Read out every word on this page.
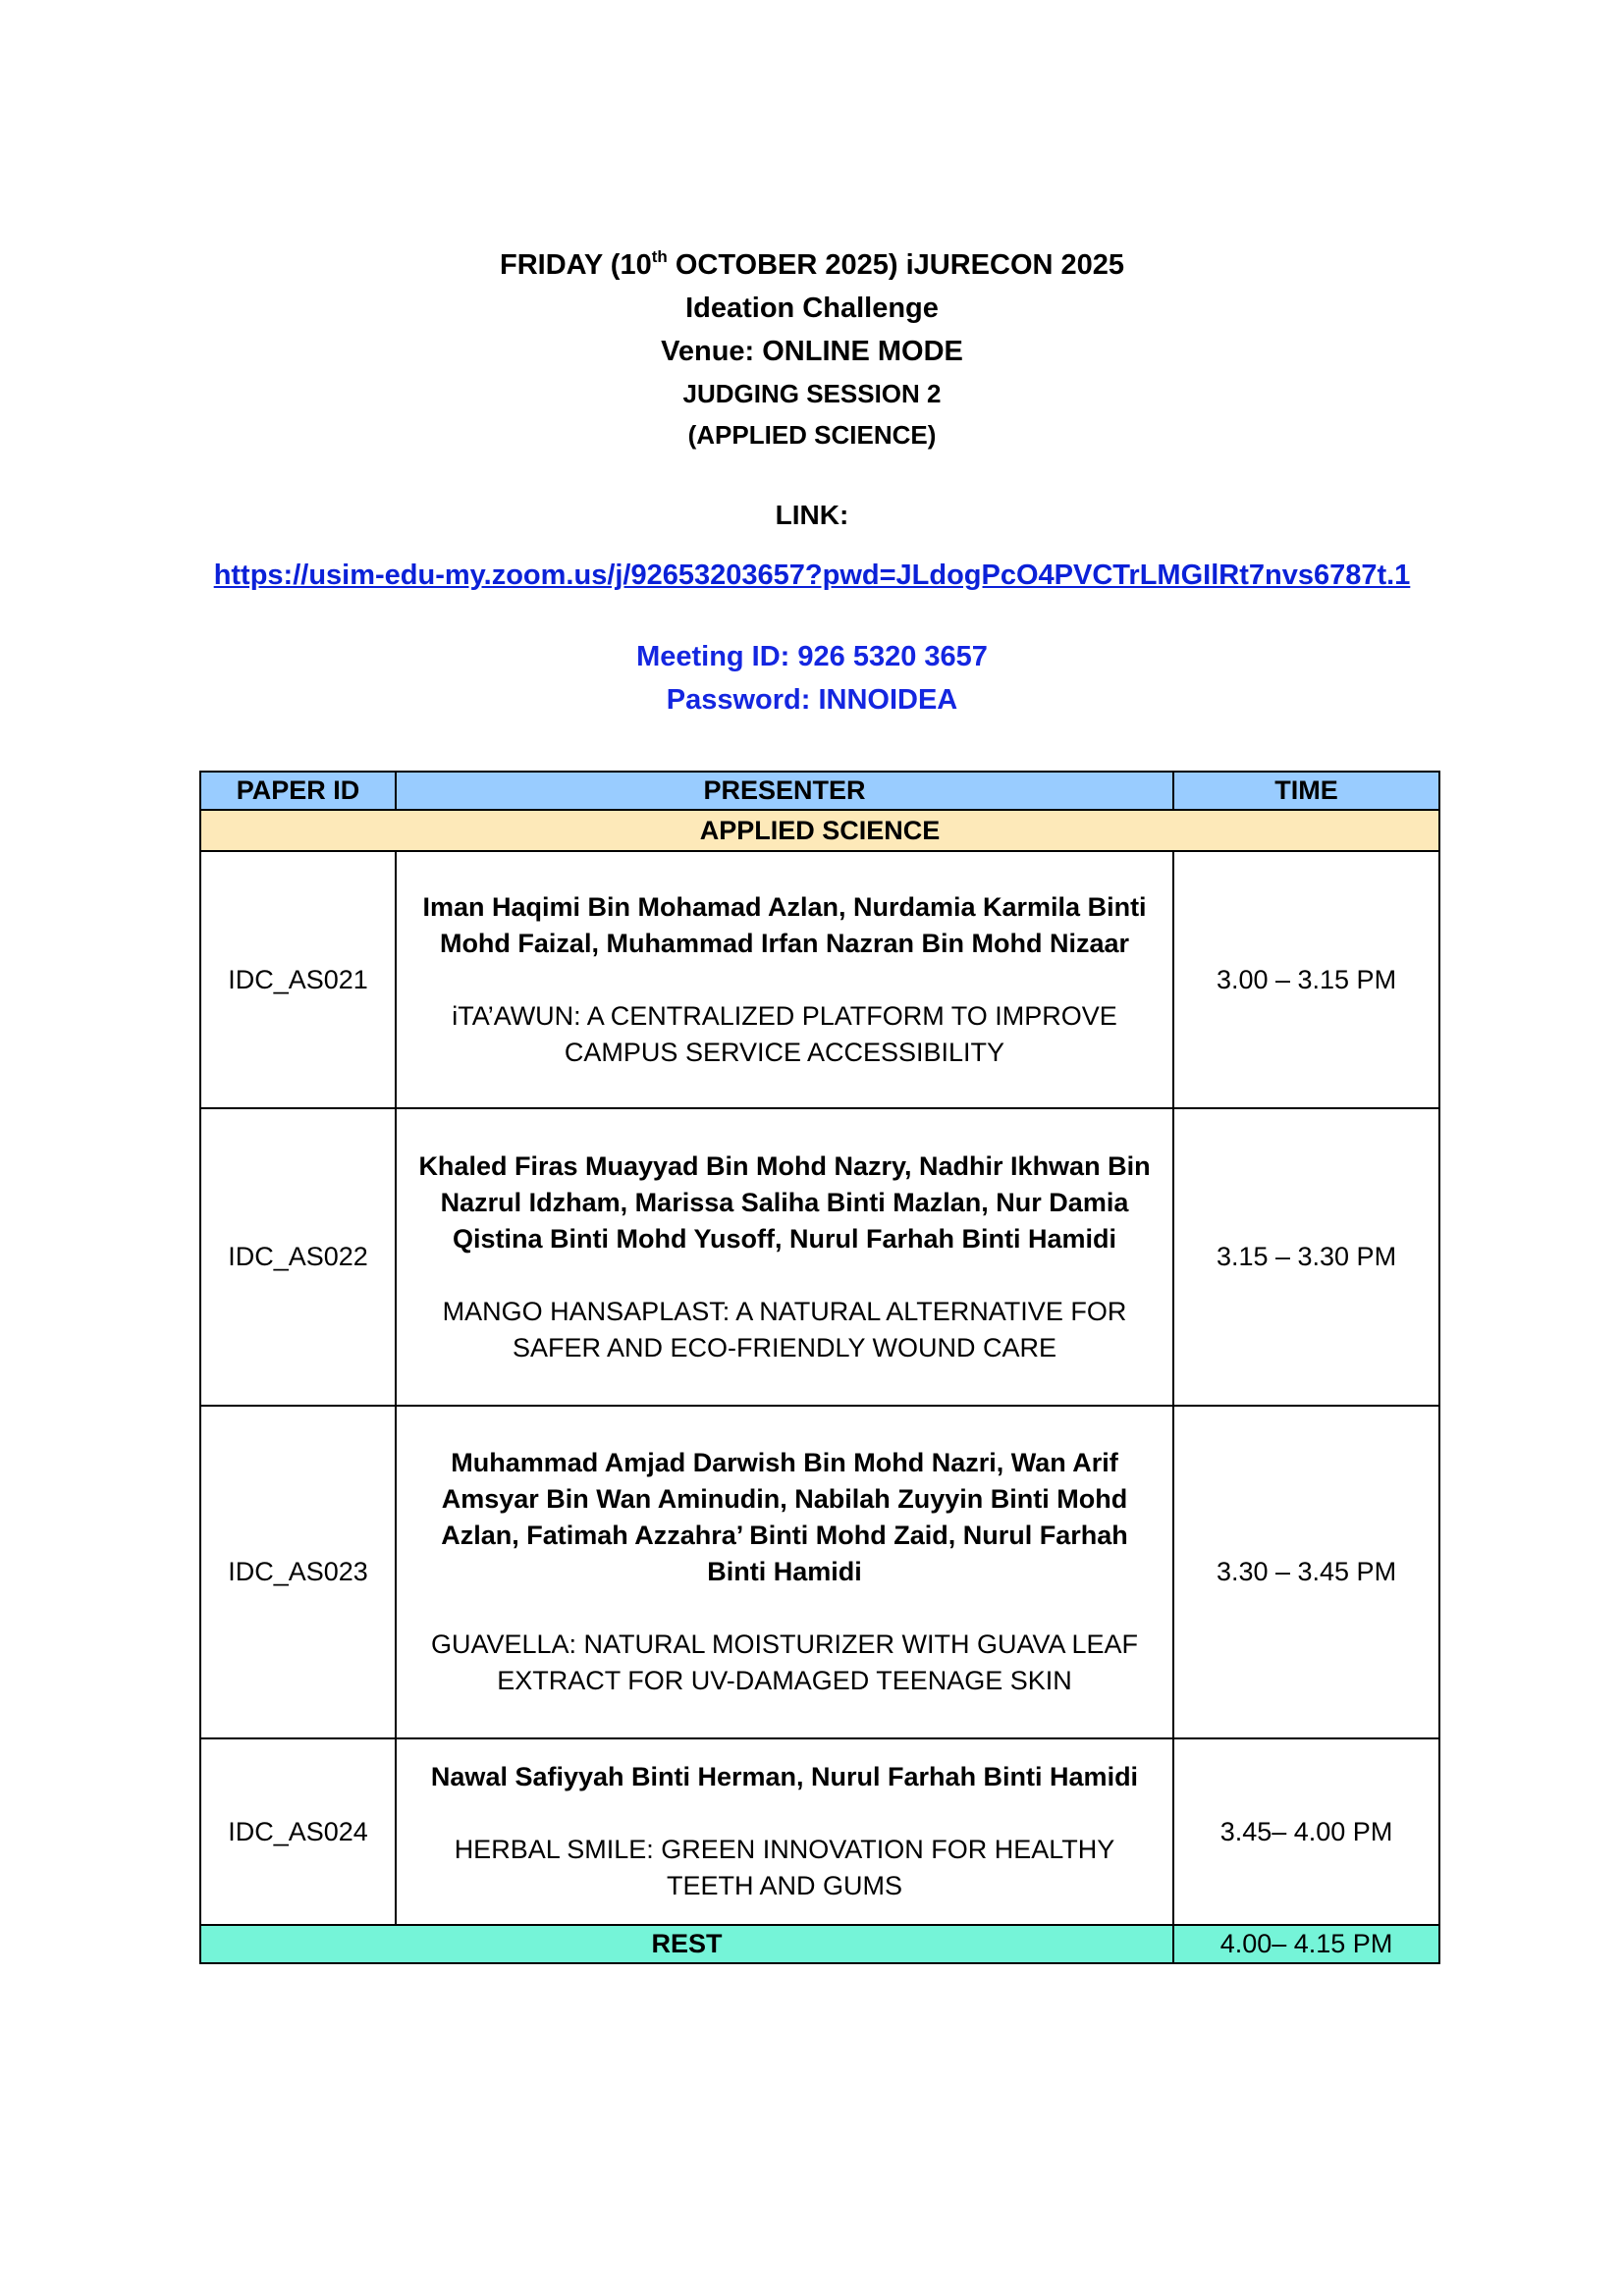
FRIDAY (10th OCTOBER 2025) iJURECON 2025
Ideation Challenge
Venue: ONLINE MODE
JUDGING SESSION 2
(APPLIED SCIENCE)
LINK:
https://usim-edu-my.zoom.us/j/92653203657?pwd=JLdogPcO4PVCTrLMGIlRt7nvs6787t.1
Meeting ID: 926 5320 3657
Password: INNOIDEA
PAPER ID	PRESENTER	TIME
APPLIED SCIENCE		
IDC_AS021	Iman Haqimi Bin Mohamad Azlan, Nurdamia Karmila Binti Mohd Faizal, Muhammad Irfan Nazran Bin Mohd Nizaar
iTA’AWUN: A CENTRALIZED PLATFORM TO IMPROVE CAMPUS SERVICE ACCESSIBILITY	3.00 – 3.15 PM
IDC_AS022	Khaled Firas Muayyad Bin Mohd Nazry, Nadhir Ikhwan Bin Nazrul Idzham, Marissa Saliha Binti Mazlan, Nur Damia Qistina Binti Mohd Yusoff, Nurul Farhah Binti Hamidi
MANGO HANSAPLAST: A NATURAL ALTERNATIVE FOR SAFER AND ECO-FRIENDLY WOUND CARE	3.15 – 3.30 PM
IDC_AS023	Muhammad Amjad Darwish Bin Mohd Nazri, Wan Arif Amsyar Bin Wan Aminudin, Nabilah Zuyyin Binti Mohd Azlan, Fatimah Azzahra’ Binti Mohd Zaid, Nurul Farhah Binti Hamidi
GUAVELLA: NATURAL MOISTURIZER WITH GUAVA LEAF EXTRACT FOR UV-DAMAGED TEENAGE SKIN	3.30 – 3.45 PM
IDC_AS024	Nawal Safiyyah Binti Herman, Nurul Farhah Binti Hamidi
HERBAL SMILE: GREEN INNOVATION FOR HEALTHY TEETH AND GUMS	3.45– 4.00 PM
REST		4.00– 4.15 PM
